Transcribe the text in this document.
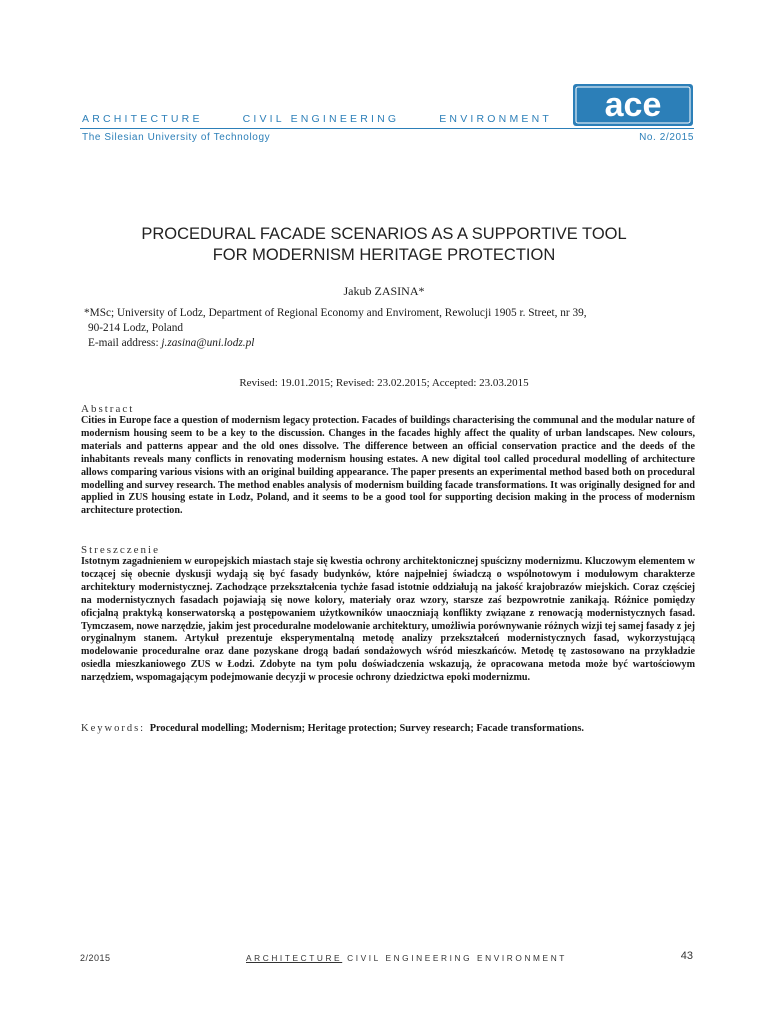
ARCHITECTURE	CIVIL ENGINEERING	ENVIRONMENT ace
The Silesian University of Technology	No. 2/2015
PROCEDURAL FACADE SCENARIOS AS A SUPPORTIVE TOOL
FOR MODERNISM HERITAGE PROTECTION
Jakub ZASINA*
*MSc; University of Lodz, Department of Regional Economy and Enviroment, Rewolucji 1905 r. Street, nr 39,
90-214 Lodz, Poland
E-mail address: j.zasina@uni.lodz.pl
Revised: 19.01.2015; Revised: 23.02.2015; Accepted: 23.03.2015
Abstract

Cities in Europe face a question of modernism legacy protection. Facades of buildings characterising the communal and the modular nature of modernism housing seem to be a key to the discussion. Changes in the facades highly affect the quality of urban landscapes. New colours, materials and patterns appear and the old ones dissolve. The difference between an official conservation practice and the deeds of the inhabitants reveals many conflicts in renovating modernism housing estates. A new digital tool called procedural modelling of architecture allows comparing various visions with an original building appearance. The paper presents an experimental method based both on procedural modelling and survey research. The method enables analysis of modernism building facade transformations. It was originally designed for and applied in ZUS housing estate in Lodz, Poland, and it seems to be a good tool for supporting decision making in the process of modernism architecture protection.

Streszczenie

Istotnym zagadnieniem w europejskich miastach staje się kwestia ochrony architektonicznej spuścizny modernizmu. Kluczowym elementem w toczącej się obecnie dyskusji wydają się być fasady budynków, które najpełniej świadczą o wspólnotowym i modułowym charakterze architektury modernistycznej. Zachodzące przekształcenia tychże fasad istotnie oddziałują na jakość krajobrazów miejskich. Coraz częściej na modernistycznych fasadach pojawiają się nowe kolory, materiały oraz wzory, starsze zaś bezpowrotnie zanikają. Różnice pomiędzy oficjalną praktyką konserwatorską a postępowaniem użytkowników unaoczniają konflikty związane z renowacją modernistycznych fasad. Tymczasem, nowe narzędzie, jakim jest proceduralne modelowanie architektury, umożliwia porównywanie różnych wizji tej samej fasady z jej oryginalnym stanem. Artykuł prezentuje eksperymentalną metodę analizy przekształceń modernistycznych fasad, wykorzystującą modelowanie proceduralne oraz dane pozyskane drogą badań sondażowych wśród mieszkańców. Metodę tę zastosowano na przykładzie osiedla mieszkaniowego ZUS w Łodzi. Zdobyte na tym polu doświadczenia wskazują, że opracowana metoda może być wartościowym narzędziem, wspomagającym podejmowanie decyzji w procesie ochrony dziedzictwa epoki modernizmu.

Keywords: Procedural modelling; Modernism; Heritage protection; Survey research; Facade transformations.
2/2015	ARCHITECTURE CIVIL ENGINEERING ENVIRONMENT	43
